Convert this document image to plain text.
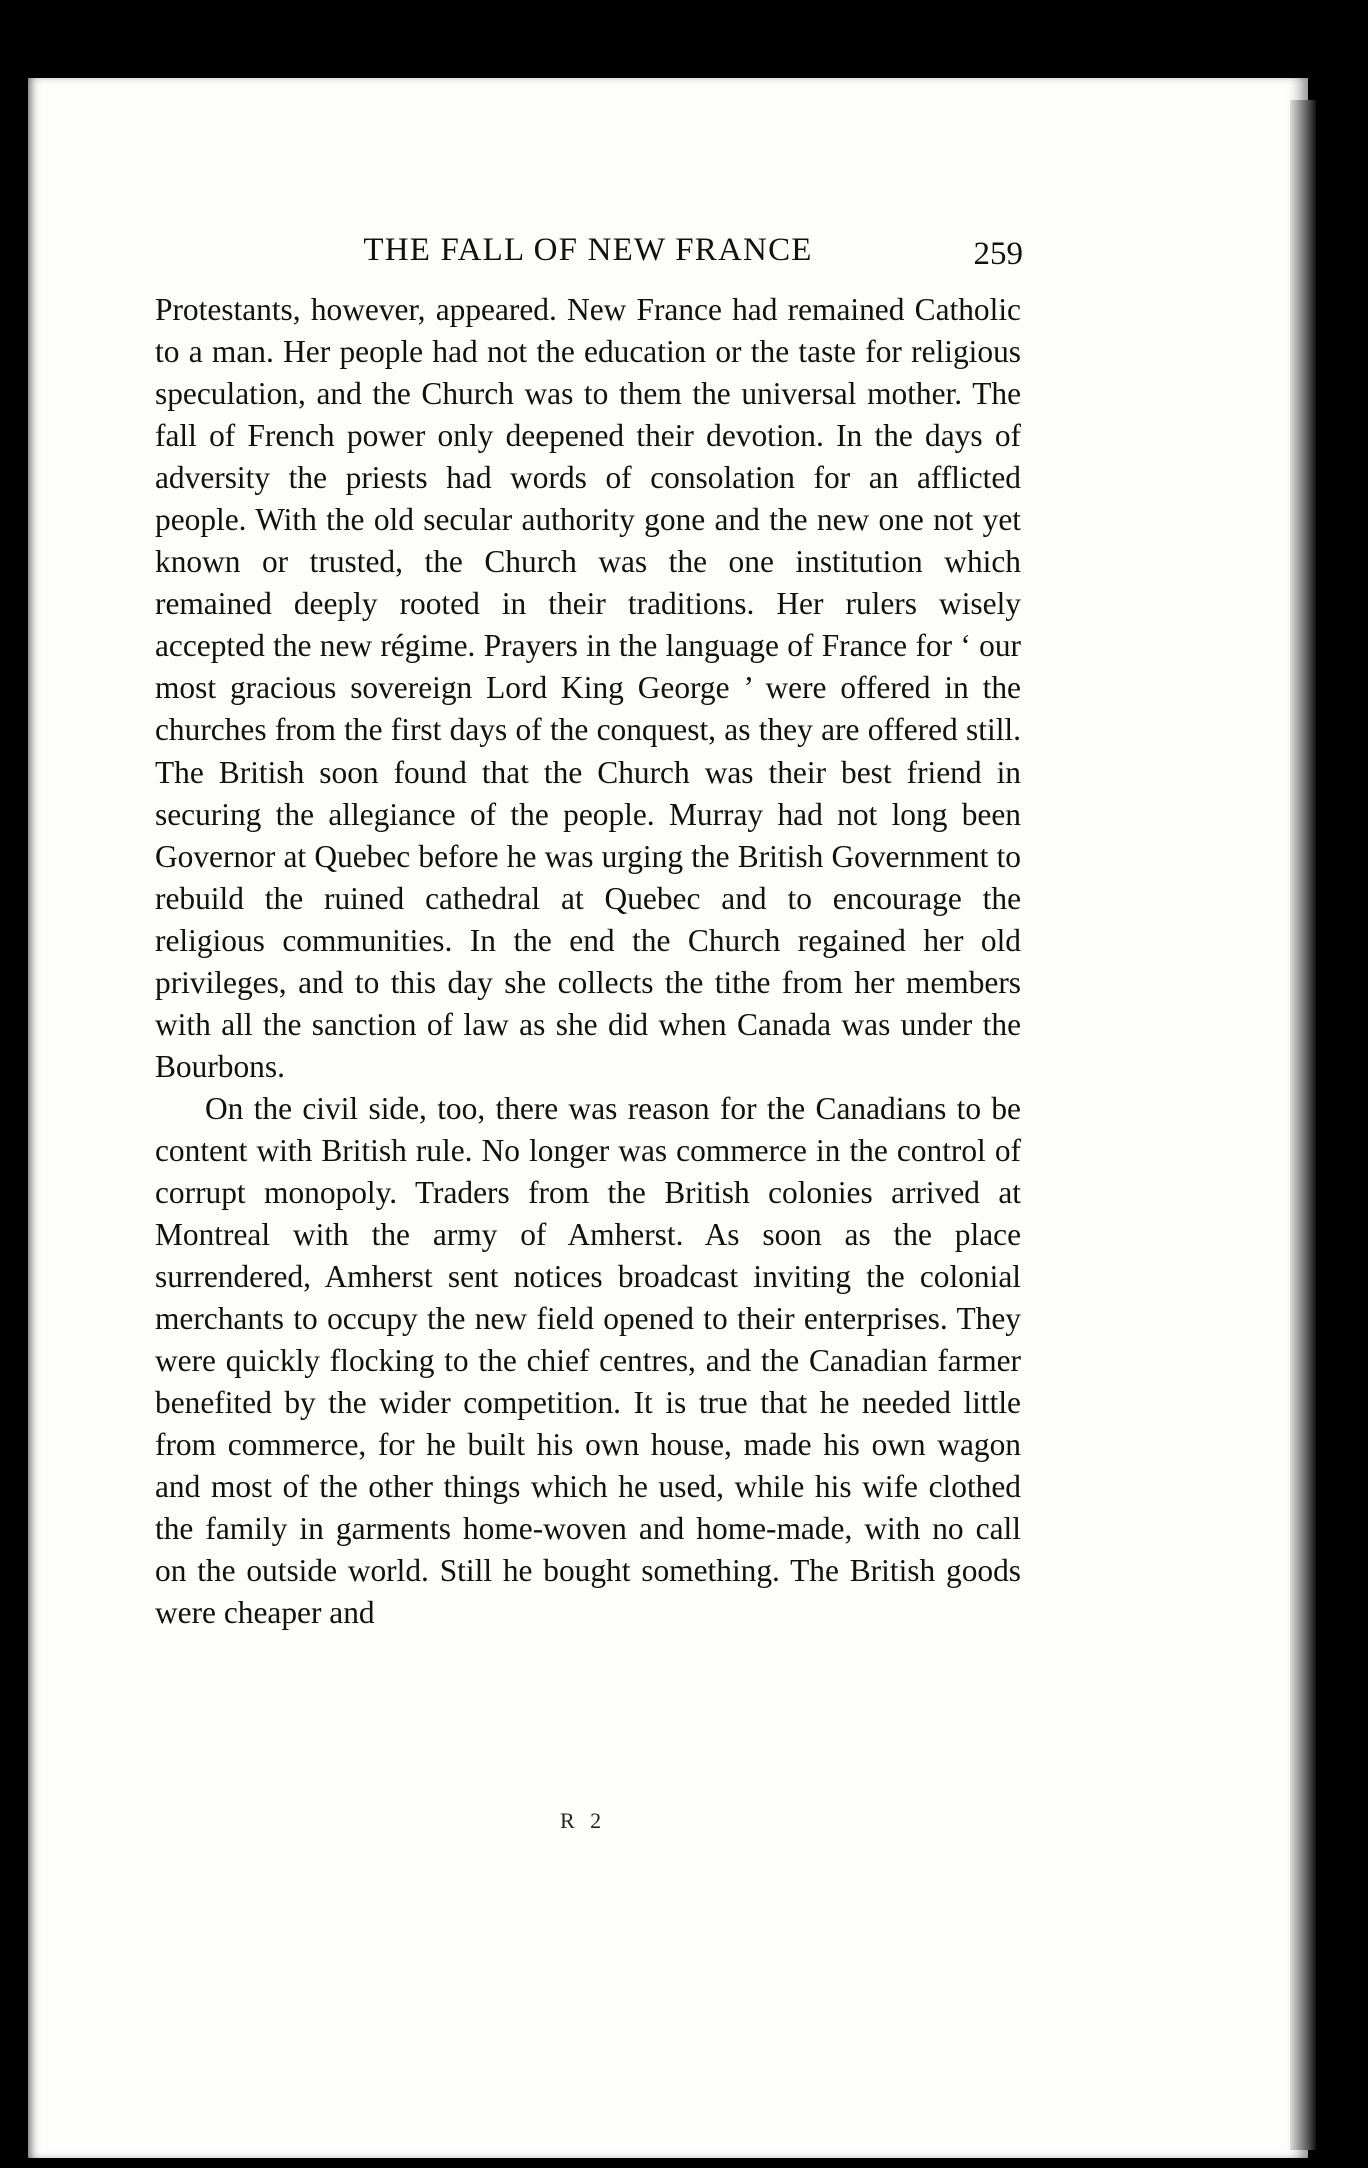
THE FALL OF NEW FRANCE	259

Protestants, however, appeared. New France had remained Catholic to a man. Her people had not the education or the taste for religious speculation, and the Church was to them the universal mother. The fall of French power only deepened their devotion. In the days of adversity the priests had words of consolation for an afflicted people. With the old secular authority gone and the new one not yet known or trusted, the Church was the one institution which remained deeply rooted in their traditions. Her rulers wisely accepted the new régime. Prayers in the language of France for ‘ our most gracious sovereign Lord King George ’ were offered in the churches from the first days of the conquest, as they are offered still. The British soon found that the Church was their best friend in securing the allegiance of the people. Murray had not long been Governor at Quebec before he was urging the British Government to rebuild the ruined cathedral at Quebec and to encourage the religious communities. In the end the Church regained her old privileges, and to this day she collects the tithe from her members with all the sanction of law as she did when Canada was under the Bourbons.

On the civil side, too, there was reason for the Canadians to be content with British rule. No longer was commerce in the control of corrupt monopoly. Traders from the British colonies arrived at Montreal with the army of Amherst. As soon as the place surrendered, Amherst sent notices broadcast inviting the colonial merchants to occupy the new field opened to their enterprises. They were quickly flocking to the chief centres, and the Canadian farmer benefited by the wider competition. It is true that he needed little from commerce, for he built his own house, made his own wagon and most of the other things which he used, while his wife clothed the family in garments home-woven and home-made, with no call on the outside world. Still he bought something. The British goods were cheaper and

R 2
